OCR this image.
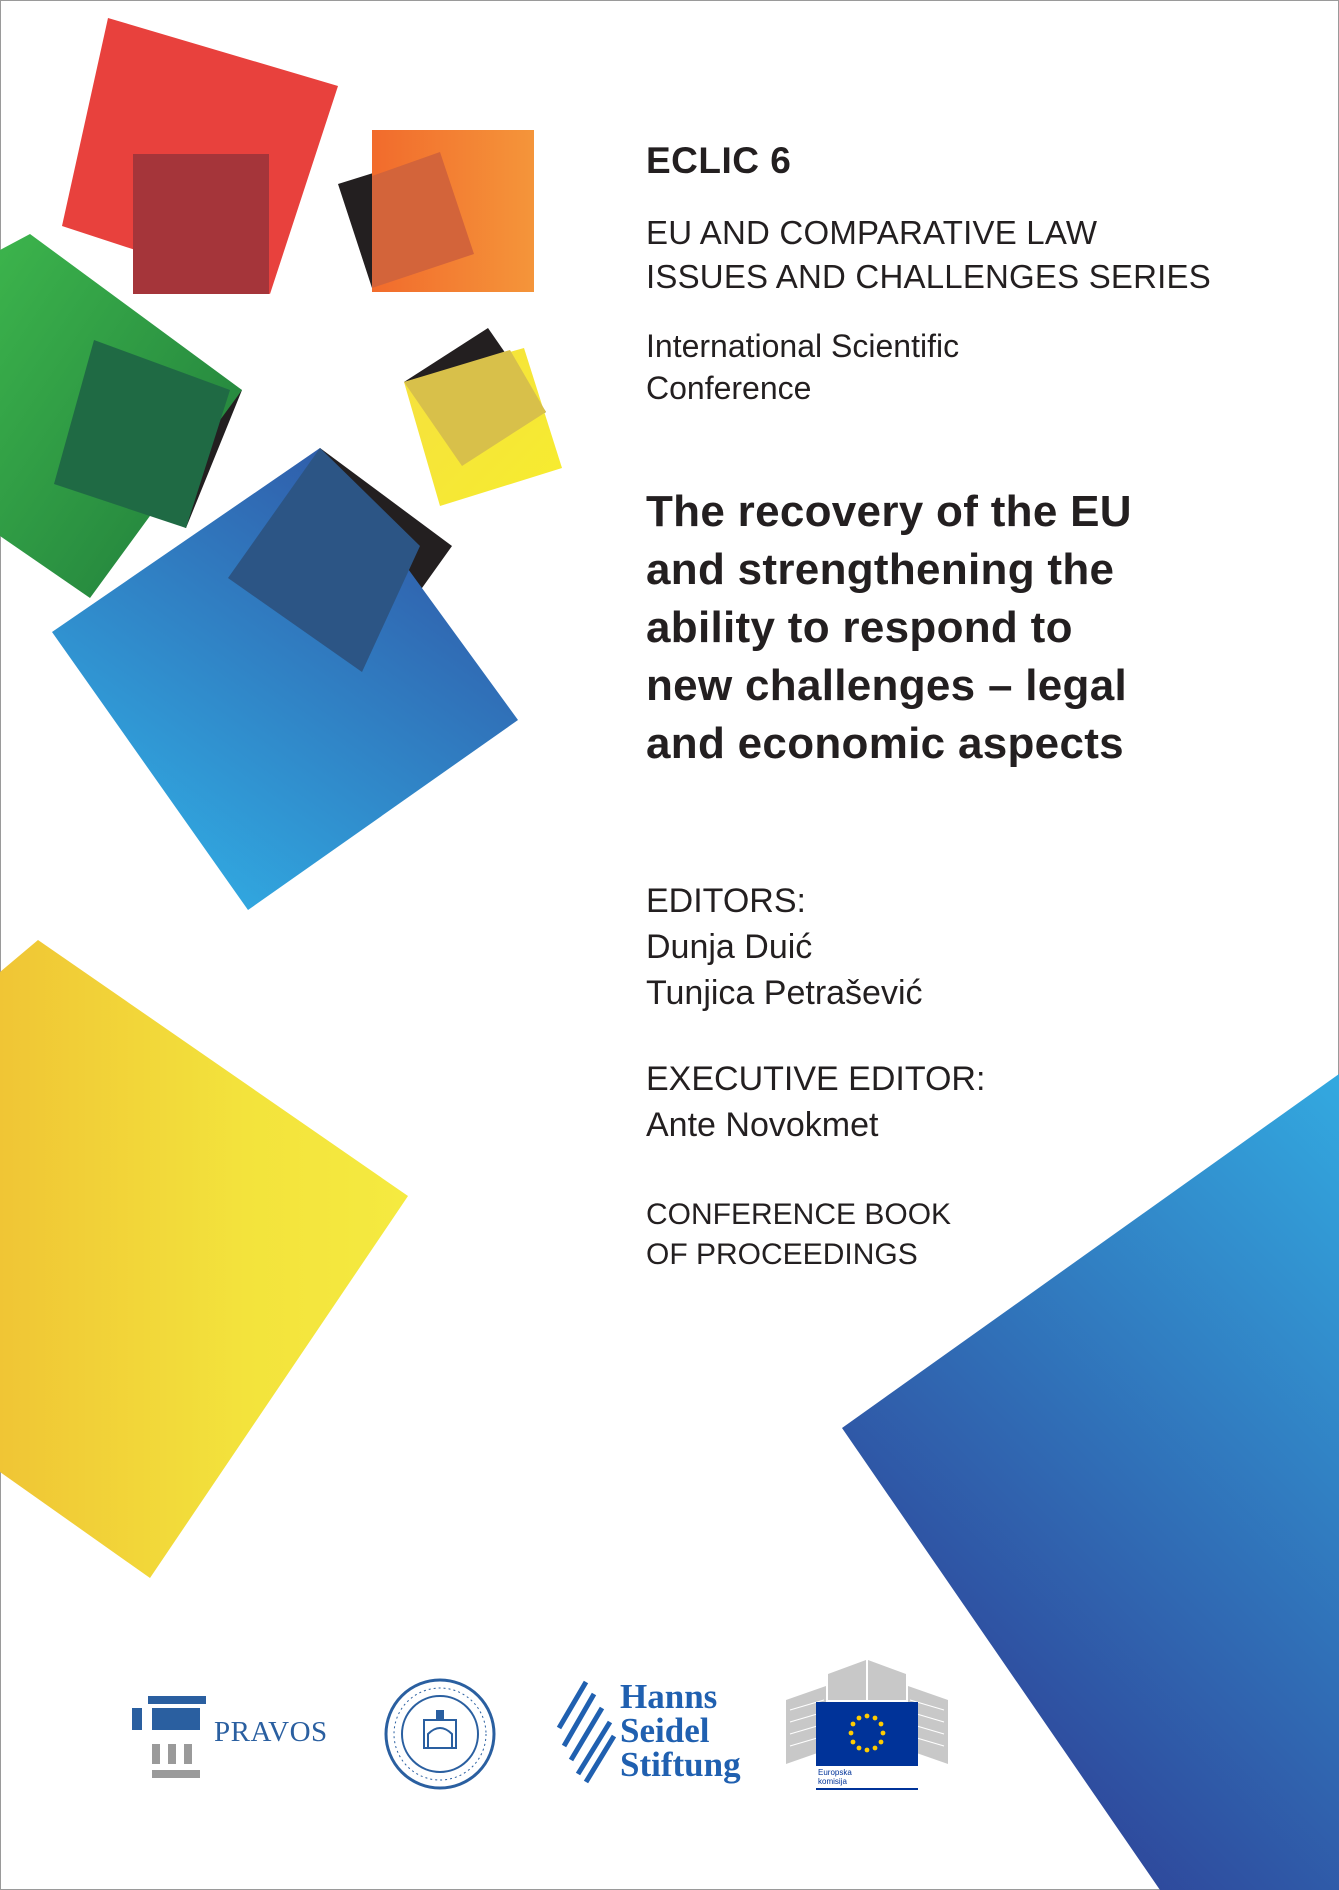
ECLIC 6

EU AND COMPARATIVE LAW

ISSUES AND CHALLENGES SERIES

International Scientific

Conference

The recovery of the EU
and strengthening the
ability to respond to
new challenges – legal
and economic aspects

EDITORS:

Dunja Duić

Tunjica Petrašević

EXECUTIVE EDITOR:

Ante Novokmet

CONFERENCE BOOK

OF PROCEEDINGS

PRAVOS
Hanns
Seidel
Stiftung	Europska
komisija
